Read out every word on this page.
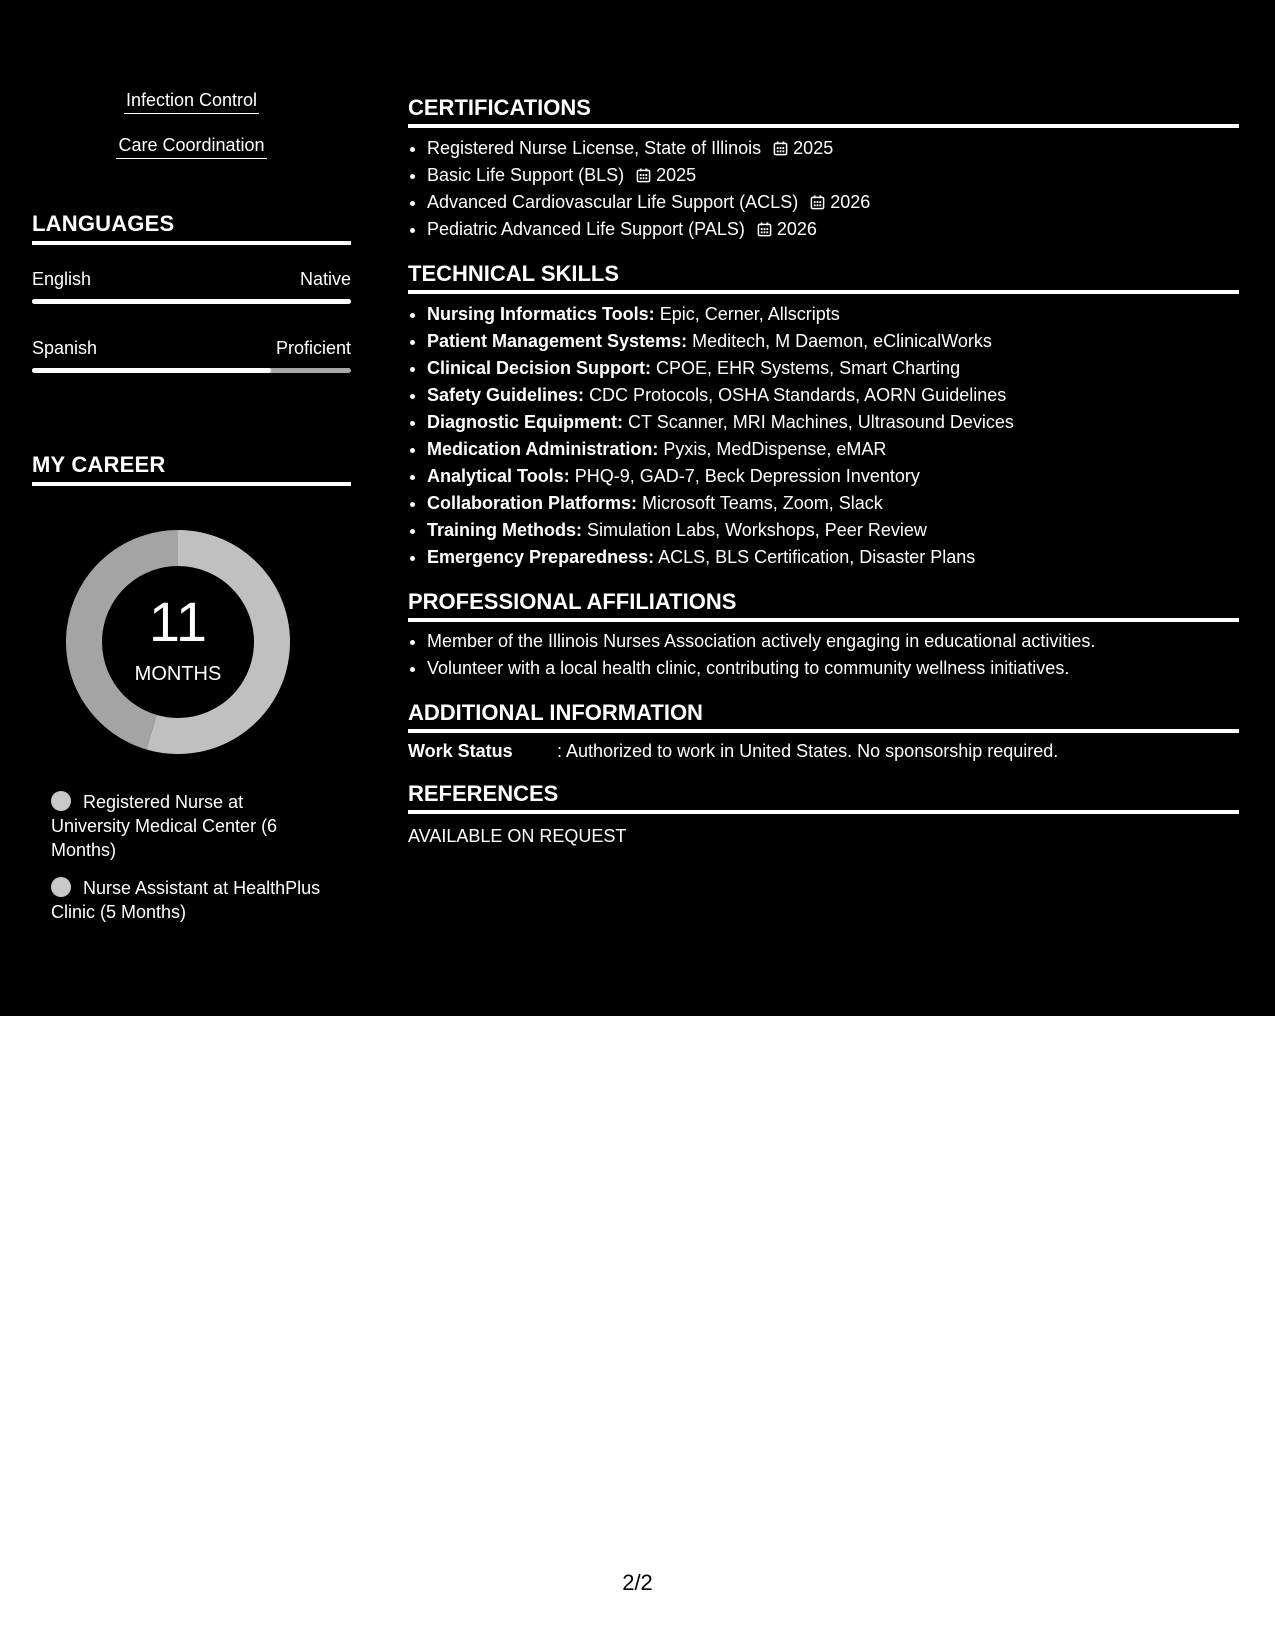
Infection Control
Care Coordination
LANGUAGES
English	Native
Spanish	Proficient
MY CAREER
11
MONTHS
Registered Nurse at University Medical Center (6 Months)
Nurse Assistant at HealthPlus Clinic (5 Months)
CERTIFICATIONS
• Registered Nurse License, State of Illinois 2025
• Basic Life Support (BLS) 2025
• Advanced Cardiovascular Life Support (ACLS) 2026
• Pediatric Advanced Life Support (PALS) 2026
TECHNICAL SKILLS
• Nursing Informatics Tools: Epic, Cerner, Allscripts
• Patient Management Systems: Meditech, M Daemon, eClinicalWorks
• Clinical Decision Support: CPOE, EHR Systems, Smart Charting
• Safety Guidelines: CDC Protocols, OSHA Standards, AORN Guidelines
• Diagnostic Equipment: CT Scanner, MRI Machines, Ultrasound Devices
• Medication Administration: Pyxis, MedDispense, eMAR
• Analytical Tools: PHQ-9, GAD-7, Beck Depression Inventory
• Collaboration Platforms: Microsoft Teams, Zoom, Slack
• Training Methods: Simulation Labs, Workshops, Peer Review
• Emergency Preparedness: ACLS, BLS Certification, Disaster Plans
PROFESSIONAL AFFILIATIONS
• Member of the Illinois Nurses Association actively engaging in educational activities.
• Volunteer with a local health clinic, contributing to community wellness initiatives.
ADDITIONAL INFORMATION
Work Status : Authorized to work in United States. No sponsorship required.
REFERENCES
AVAILABLE ON REQUEST
2/2
